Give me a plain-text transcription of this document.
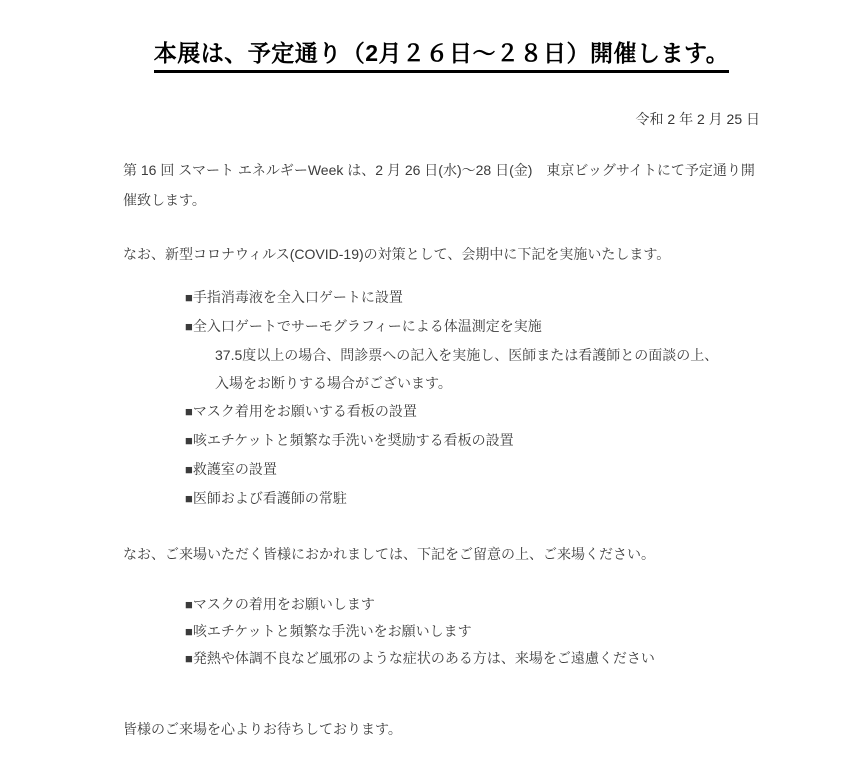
本展は、予定通り（2月２６日～２８日）開催します。
令和 2 年 2 月 25 日

第 16 回 スマート エネルギーWeek は、2 月 26 日(水)～28 日(金)　東京ビッグサイトにて予定通り開催致します。

なお、新型コロナウィルス(COVID-19)の対策として、会期中に下記を実施いたします。

■手指消毒液を全入口ゲートに設置
■全入口ゲートでサーモグラフィーによる体温測定を実施
37.5度以上の場合、問診票への記入を実施し、医師または看護師との面談の上、
入場をお断りする場合がございます。
■マスク着用をお願いする看板の設置
■咳エチケットと頻繁な手洗いを奨励する看板の設置
■救護室の設置
■医師および看護師の常駐

なお、ご来場いただく皆様におかれましては、下記をご留意の上、ご来場ください。

■マスクの着用をお願いします
■咳エチケットと頻繁な手洗いをお願いします
■発熱や体調不良など風邪のような症状のある方は、来場をご遠慮ください

皆様のご来場を心よりお待ちしております。
